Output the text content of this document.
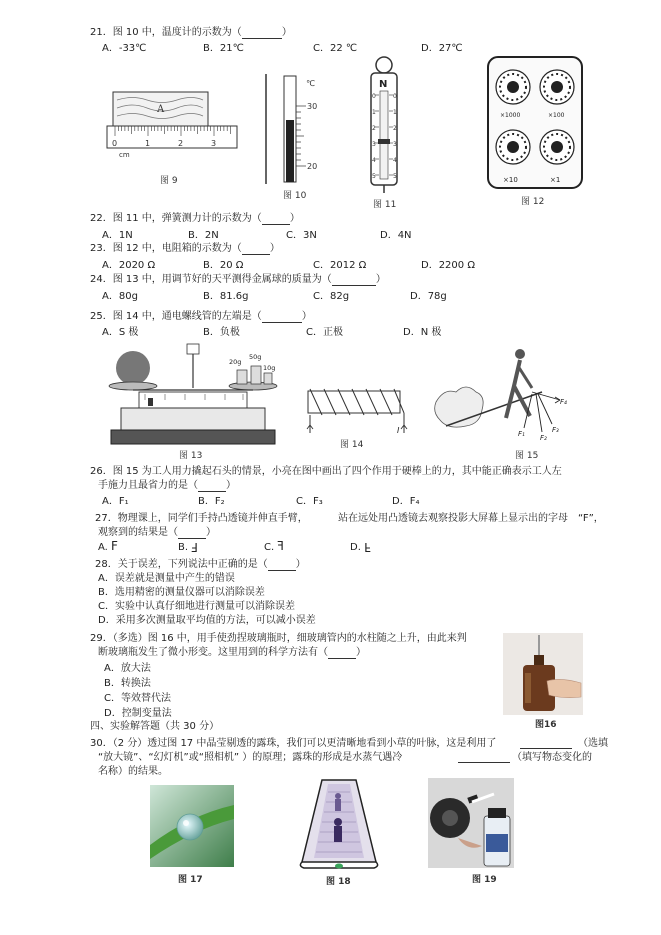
21．图 10 中，温度计的示数为（	）
A．-33℃	B．21℃	C．22 ℃	D．27℃
A
0	1	2	3
cm
图 9
℃
30
20
图 10
N
0
1
2
3
4
5
0
1
2
3
4
5
图 11
×1000	×100
×10	×1
图 12
22．图 11 中，弹簧测力计的示数为（	）
A．1N	B．2N	C．3N	D．4N
23．图 12 中，电阻箱的示数为（	）
A．2020 Ω	B．20 Ω	C．2012 Ω	D．2200 Ω
24．图 13 中，用调节好的天平测得金属球的质量为（	）
A．80g	B．81.6g	C．82g	D．78g
25．图 14 中，通电螺线管的左端是（	）
A．S 极	B．负极	C．正极	D．N 极
20g
50g
10g
图 13
I
图 14
F₄
F₁ F₂
F₃
图 15
26．图 15 为工人用力撬起石头的情景，小亮在图中画出了四个作用于硬棒上的力，其中能正确表示工人左
手施力且最省力的是（	）
A．F₁	B．F₂	C．F₃	D．F₄
27．物理课上，同学们手持凸透镜并伸直手臂，	站在远处用凸透镜去观察投影大屏幕上显示出的字母 “F”，
观察到的结果是（	）
A. F	B. F	C. F	D. F
28．关于误差，下列说法中正确的是（	）
A．误差就是测量中产生的错误
B．选用精密的测量仪器可以消除误差
C．实验中认真仔细地进行测量可以消除误差
D．采用多次测量取平均值的方法，可以减小误差
29．（多选）图 16 中，用手使劲捏玻璃瓶时，细玻璃管内的水柱随之上升，由此来判
断玻璃瓶发生了微小形变。这里用到的科学方法有（	）
A．放大法
B．转换法
C．等效替代法
D．控制变量法
图16
四、实验解答题（共 30 分）
30．（2 分）透过图 17 中晶莹剔透的露珠，我们可以更清晰地看到小草的叶脉，这是利用了	（选填
“放大镜”、“幻灯机”或“照相机” ）的原理；露珠的形成是水蒸气遇冷	（填写物态变化的
名称）的结果。
图 17	图 18	图 19
